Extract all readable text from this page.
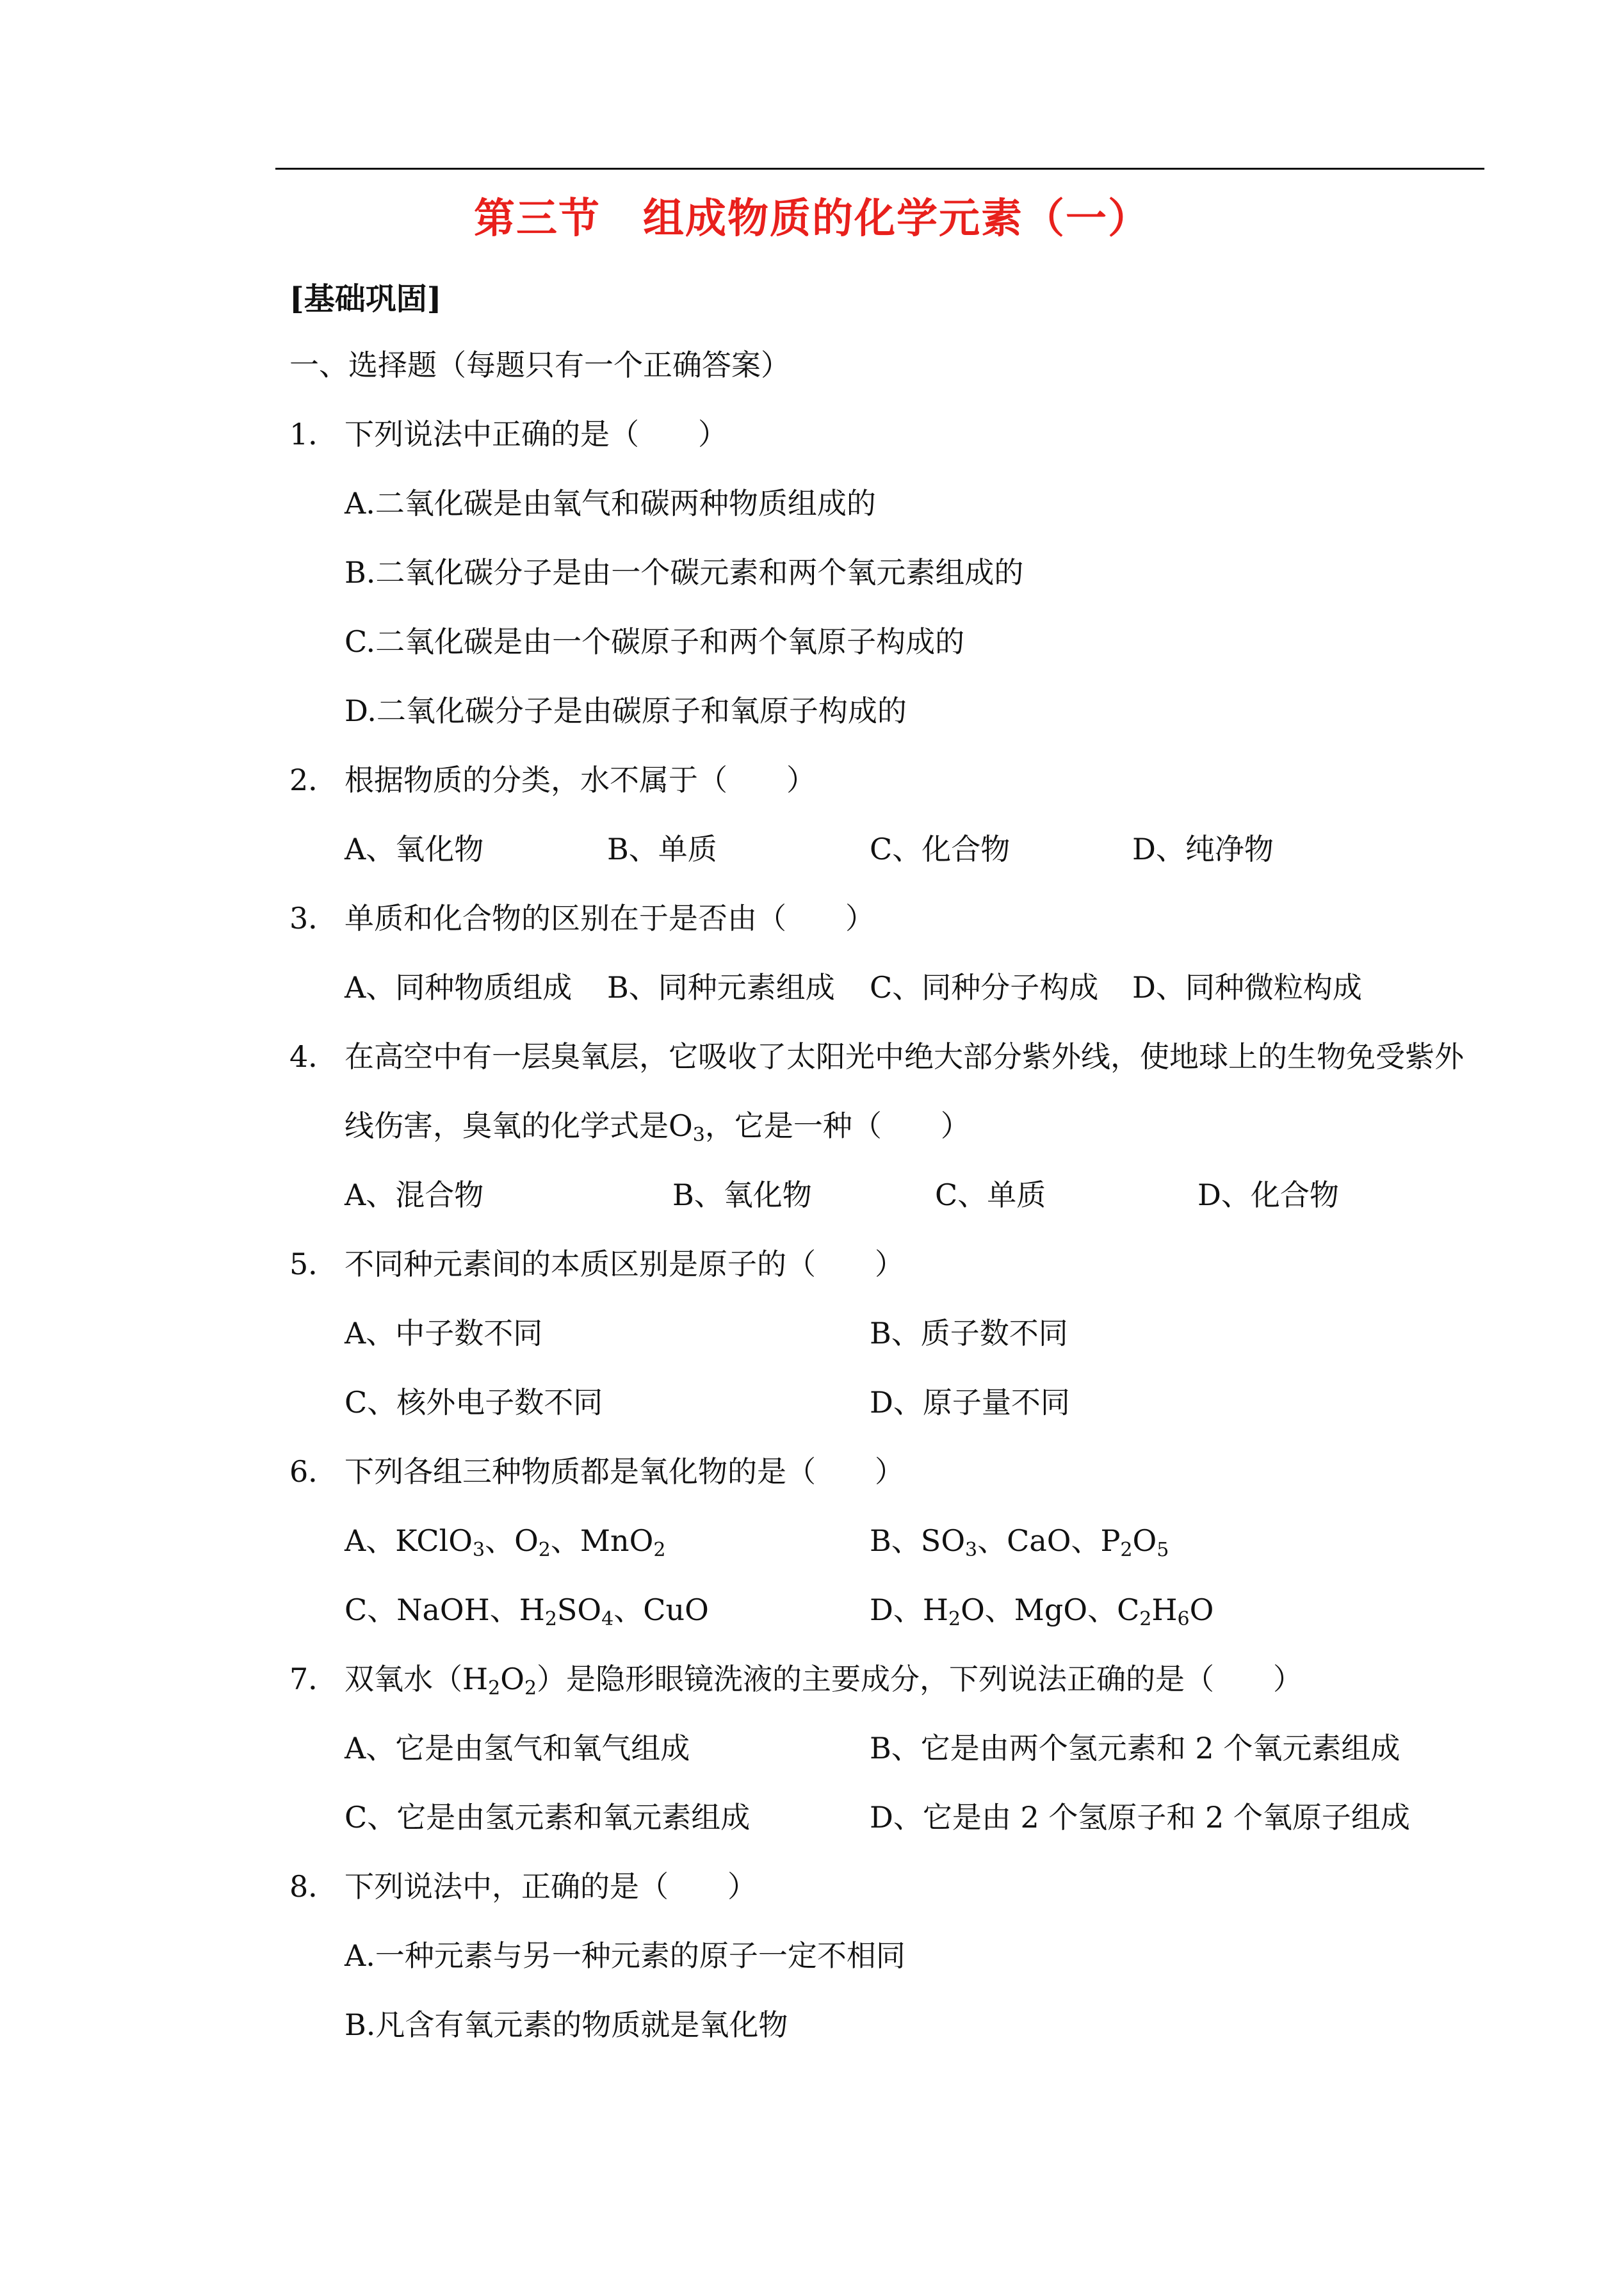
第三节　组成物质的化学元素（一）
[基础巩固]
一、选择题（每题只有一个正确答案）
1． 下列说法中正确的是（　　）
A.二氧化碳是由氧气和碳两种物质组成的
B.二氧化碳分子是由一个碳元素和两个氧元素组成的
C.二氧化碳是由一个碳原子和两个氧原子构成的
D.二氧化碳分子是由碳原子和氧原子构成的
2． 根据物质的分类，水不属于（　　）
A、氧化物	B、单质	C、化合物	D、纯净物
3． 单质和化合物的区别在于是否由（　　）
A、同种物质组成 B、同种元素组成 C、同种分子构成 D、同种微粒构成
4． 在高空中有一层臭氧层，它吸收了太阳光中绝大部分紫外线，使地球上的生物免受紫外
线伤害，臭氧的化学式是$O_3$，它是一种（　　）
A、混合物	B、氧化物	C、单质	D、化合物
5． 不同种元素间的本质区别是原子的（　　）
A、中子数不同	B、质子数不同
C、核外电子数不同	D、原子量不同
6． 下列各组三种物质都是氧化物的是（　　）
A、KClO$_3$、$O_2$、MnO$_2$	B、$SO_3$、CaO、$P_2O_5$
C、NaOH、$H_2SO_4$、CuO	D、$H_2O$、MgO、$C_2H_6O$
7． 双氧水$(H_2O_2)$是隐形眼镜洗液的主要成分，下列说法正确的是（　　）
A、它是由氢气和氧气组成	B、它是由两个氢元素和 2 个氧元素组成
C、它是由氢元素和氧元素组成	D、它是由 2 个氢原子和 2 个氧原子组成
8． 下列说法中，正确的是（　　）
A.一种元素与另一种元素的原子一定不相同
B.凡含有氧元素的物质就是氧化物
